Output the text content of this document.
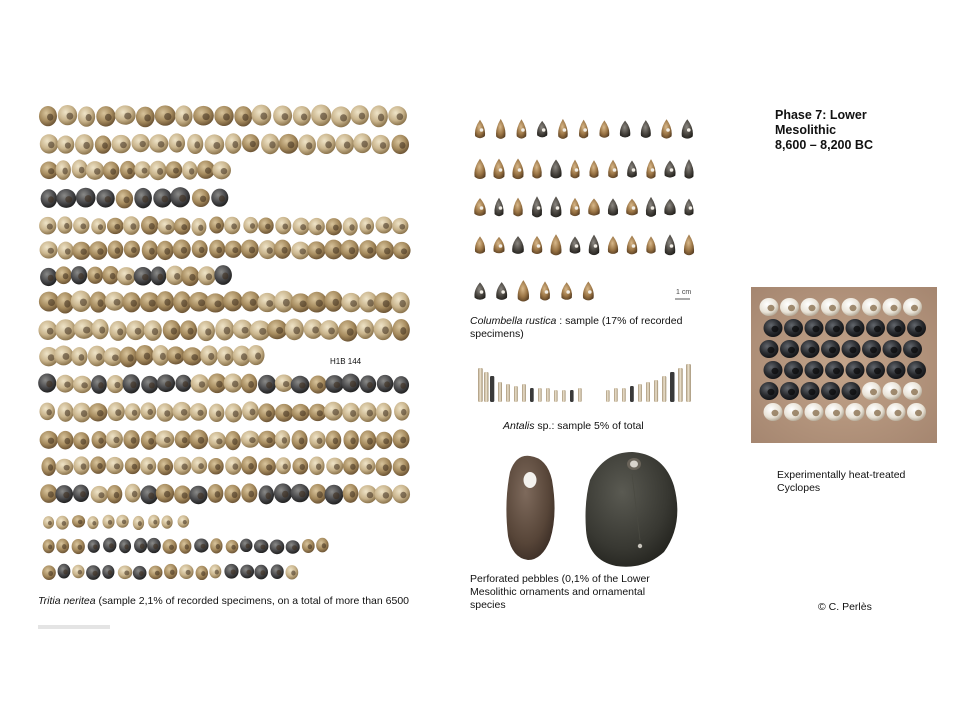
H1B 144
Tritia neritea (sample 2,1% of recorded specimens, on a total of more than 6500
1 cm
Columbella rustica : sample (17% of recorded specimens)
Antalis sp.: sample 5% of total
Perforated pebbles (0,1% of the Lower Mesolithic ornaments and ornamental species
Phase 7: Lower
Mesolithic
8,600 – 8,200 BC
Experimentally heat-treated Cyclopes
© C. Perlès
